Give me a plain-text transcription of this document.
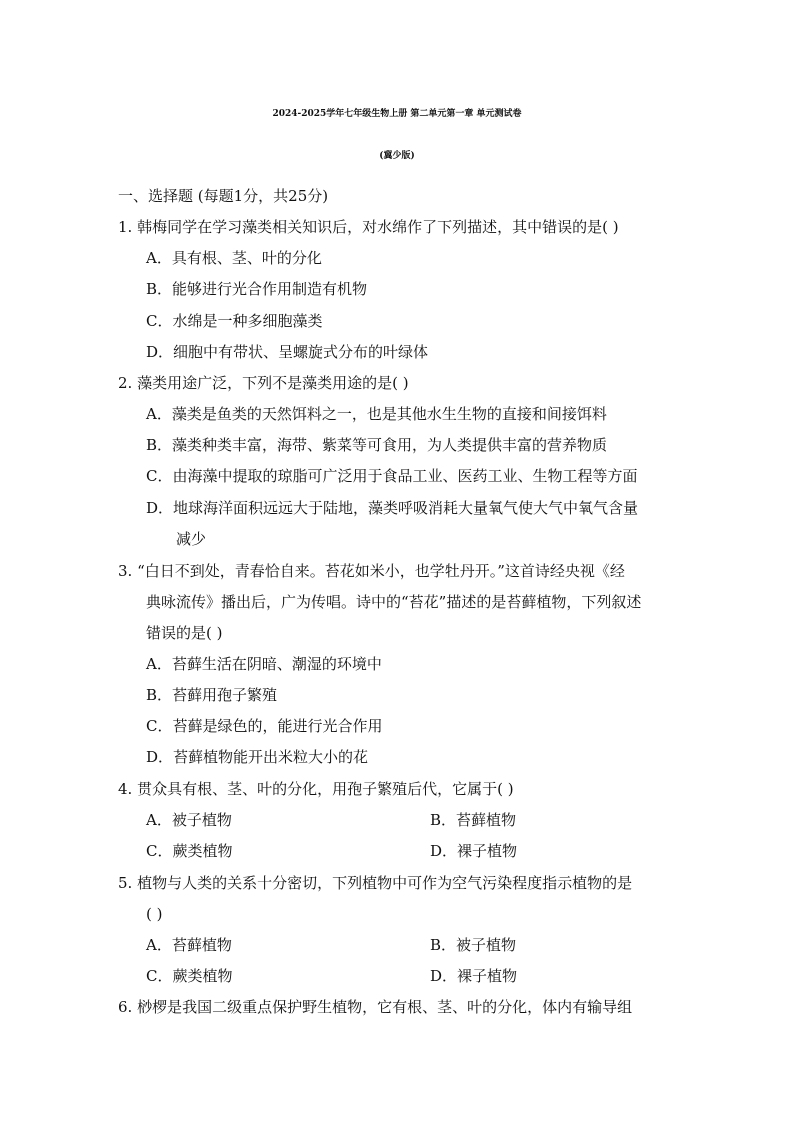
2024-2025学年七年级生物上册 第二单元第一章 单元测试卷
(冀少版)
一、选择题 (每题1分，共25分)
1. 韩梅同学在学习藻类相关知识后，对水绵作了下列描述，其中错误的是( )
A．具有根、茎、叶的分化
B．能够进行光合作用制造有机物
C．水绵是一种多细胞藻类
D．细胞中有带状、呈螺旋式分布的叶绿体
2. 藻类用途广泛，下列不是藻类用途的是( )
A．藻类是鱼类的天然饵料之一，也是其他水生生物的直接和间接饵料
B．藻类种类丰富，海带、紫菜等可食用，为人类提供丰富的营养物质
C．由海藻中提取的琼脂可广泛用于食品工业、医药工业、生物工程等方面
D．地球海洋面积远远大于陆地，藻类呼吸消耗大量氧气使大气中氧气含量
减少
3. “白日不到处，青春恰自来。苔花如米小，也学牡丹开。”这首诗经央视《经
典咏流传》播出后，广为传唱。诗中的“苔花”描述的是苔藓植物，下列叙述
错误的是( )
A．苔藓生活在阴暗、潮湿的环境中
B．苔藓用孢子繁殖
C．苔藓是绿色的，能进行光合作用
D．苔藓植物能开出米粒大小的花
4. 贯众具有根、茎、叶的分化，用孢子繁殖后代，它属于( )
A．被子植物	B．苔藓植物
C．蕨类植物	D．裸子植物
5. 植物与人类的关系十分密切，下列植物中可作为空气污染程度指示植物的是
( )
A．苔藓植物	B．被子植物
C．蕨类植物	D．裸子植物
6. 桫椤是我国二级重点保护野生植物，它有根、茎、叶的分化，体内有输导组
